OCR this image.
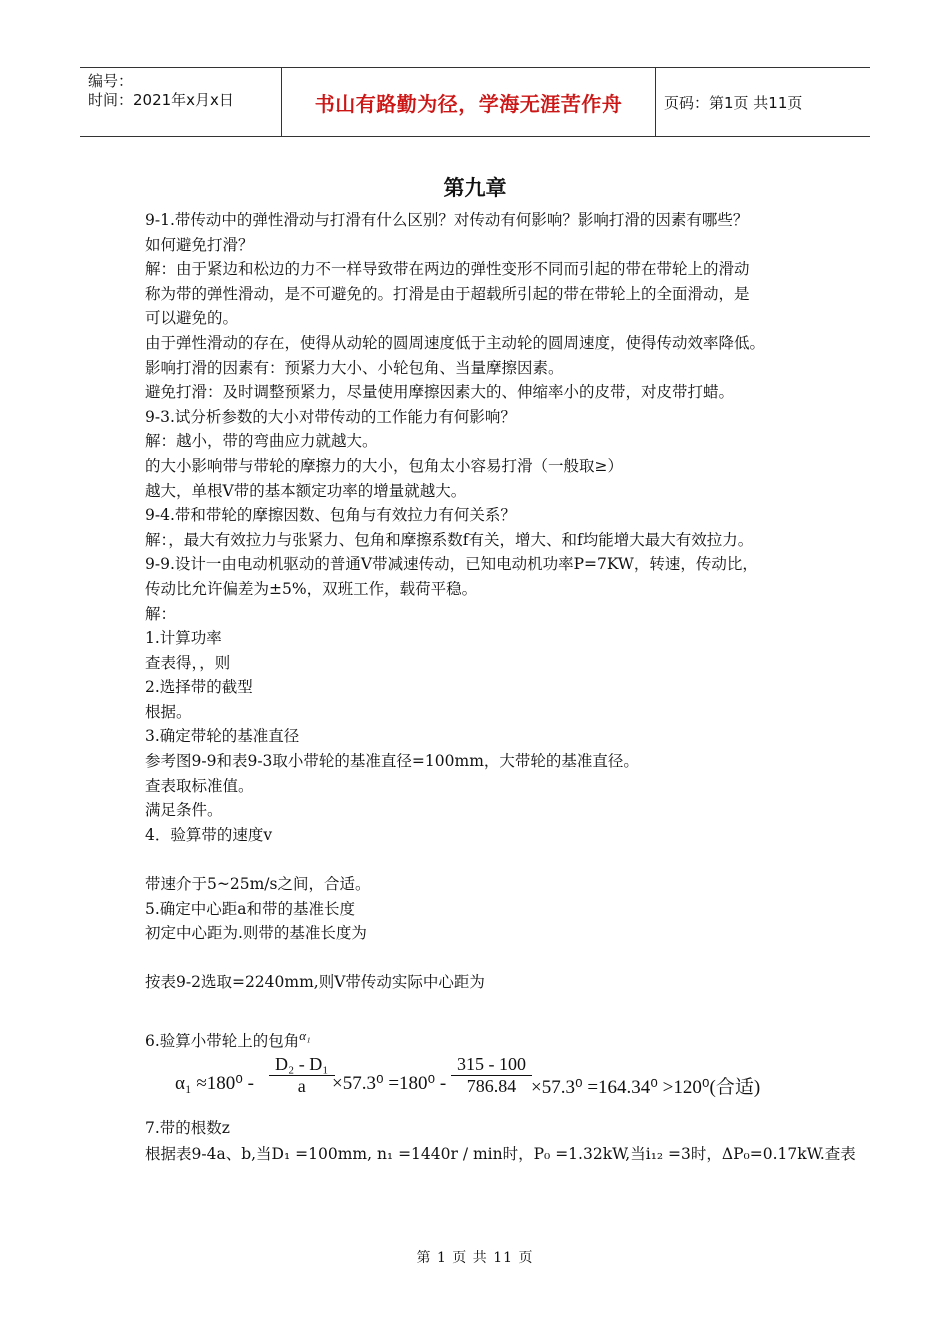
编号：
时间：2021年x月x日	书山有路勤为径，学海无涯苦作舟	页码：第1页 共11页
第九章
9-1.带传动中的弹性滑动与打滑有什么区别？对传动有何影响？影响打滑的因素有哪些？
如何避免打滑？
解：由于紧边和松边的力不一样导致带在两边的弹性变形不同而引起的带在带轮上的滑动
称为带的弹性滑动，是不可避免的。打滑是由于超载所引起的带在带轮上的全面滑动，是
可以避免的。
由于弹性滑动的存在，使得从动轮的圆周速度低于主动轮的圆周速度，使得传动效率降低。
影响打滑的因素有：预紧力大小、小轮包角、当量摩擦因素。
避免打滑：及时调整预紧力，尽量使用摩擦因素大的、伸缩率小的皮带，对皮带打蜡。
9-3.试分析参数的大小对带传动的工作能力有何影响？
解：越小，带的弯曲应力就越大。
的大小影响带与带轮的摩擦力的大小，包角太小容易打滑（一般取≥）
越大，单根V带的基本额定功率的增量就越大。
9-4.带和带轮的摩擦因数、包角与有效拉力有何关系？
解：，最大有效拉力与张紧力、包角和摩擦系数f有关，增大、和f均能增大最大有效拉力。
9-9.设计一由电动机驱动的普通V带减速传动，已知电动机功率P=7KW，转速，传动比，
传动比允许偏差为±5%，双班工作，载荷平稳。
解：
1.计算功率
查表得，，则
2.选择带的截型
根据。
3.确定带轮的基准直径
参考图9-9和表9-3取小带轮的基准直径=100mm，大带轮的基准直径。
查表取标准值。
满足条件。
4．验算带的速度v
带速介于5~25m/s之间，合适。
5.确定中心距a和带的基准长度
初定中心距为.则带的基准长度为
按表9-2选取=2240mm,则V带传动实际中心距为
6.验算小带轮上的包角$^{\alpha_1}$
$\alpha_1 \approx 180^0 - \frac{\text{D₂ - D₁}}{a}$
$\times 57.3^0 =180^0 - \frac{315 - 100}{786.84} \times 57.3^0 =164.34^0 >120^0$(合适)
7.带的根数z
根据表9-4a、b,当D₁ =100mm, n₁ =1440r / min时，P₀ =1.32kW,当i₁₂ =3时，ΔP₀=0.17kW.查表
第 1 页 共 11 页
